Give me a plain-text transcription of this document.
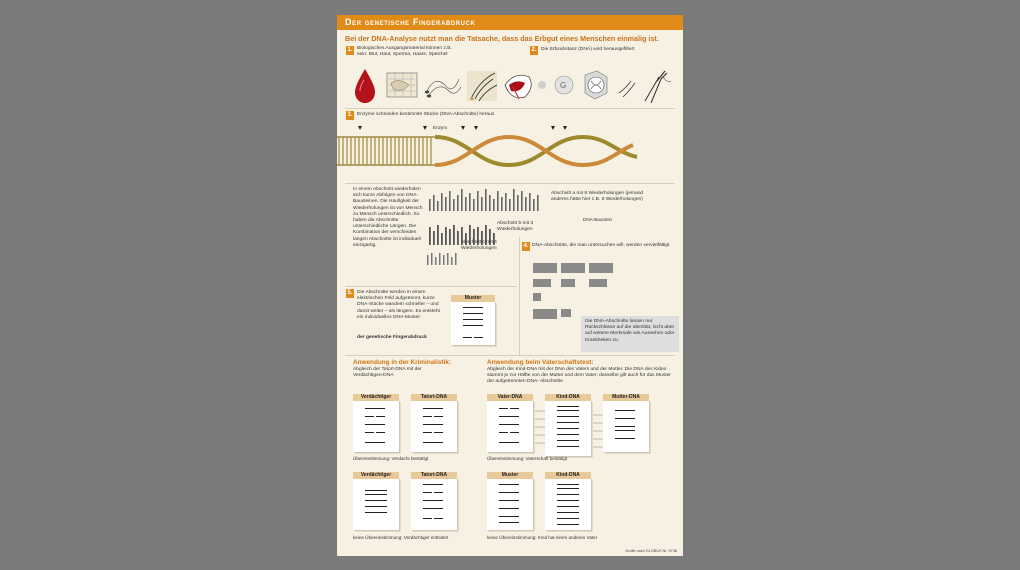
Der genetische Fingerabdruck
Bei der DNA-Analyse nutzt man die Tatsache, dass das Erbgut eines Menschen einmalig ist.
1. Biologisches Ausgangsmaterial können z.B. sein: Blut, Haut, Sperma, Haare, Speichel
2. Die Erbsubstanz (DNA) wird herausgefiltert
G
3. Enzyme schneiden bestimmte Stücke (DNA-Abschnitte) heraus
Enzym
In einem Abschnitt wiederholen sich kurze Abfolgen von DNA-Bausteinen. Die Häufigkeit der Wiederholungen ist von Mensch zu Mensch unterschiedlich. So haben die Abschnitte unterschiedliche Längen. Die Kombination der verschieden langen Abschnitte ist individuell einzigartig.
Abschnitt a mit 8 Wiederholungen (jemand anderes hätte hier z.B. 6 Wiederholungen)
DNA-Baustein
Abschnitt b mit 3 Wiederholungen
Abschnitt c mit 4 Wiederholungen	4. DNA-Abschnitte, die man untersuchen will, werden vervielfältigt
Die DNA-Abschnitte lassen nur Rückschlüsse auf die Identität, nicht aber auf weitere Merkmale wie Aussehen oder Krankheiten zu.
5. Die Abschnitte werden in einem elektrischen Feld aufgetrennt, kurze DNA-Stücke wandern schneller – und damit weiter – als längere. Es entsteht ein individuelles DNA-Muster:
der genetische Fingerabdruck
Muster
Anwendung in der Kriminalistik:
Abgleich der Tatort-DNA mit der Verdächtigen-DNA
Verdächtiger	Tatort-DNA
Übereinstimmung: Verdacht bestätigt
Verdächtiger	Tatort-DNA
keine Übereinstimmung: Verdächtiger entlastet
Anwendung beim Vaterschaftstest:
Abgleich der Kind-DNA mit der DNA des Vaters und der Mutter. Die DNA des Kides stammt je zur Hälfte von der Mutter und dem Vater; dasselbe gilt auch für das Muster der aufgetrennten DNA- Abschnitte
Vater-DNA	Kind-DNA	Mutter-DNA
Übereinstimmung: Vaterschaft bestätigt
Muster	Kind-DNA
keine Übereinstimmung: Kind hat einen anderen Vater
Grafik nach GLOBUS Nr. 9738
